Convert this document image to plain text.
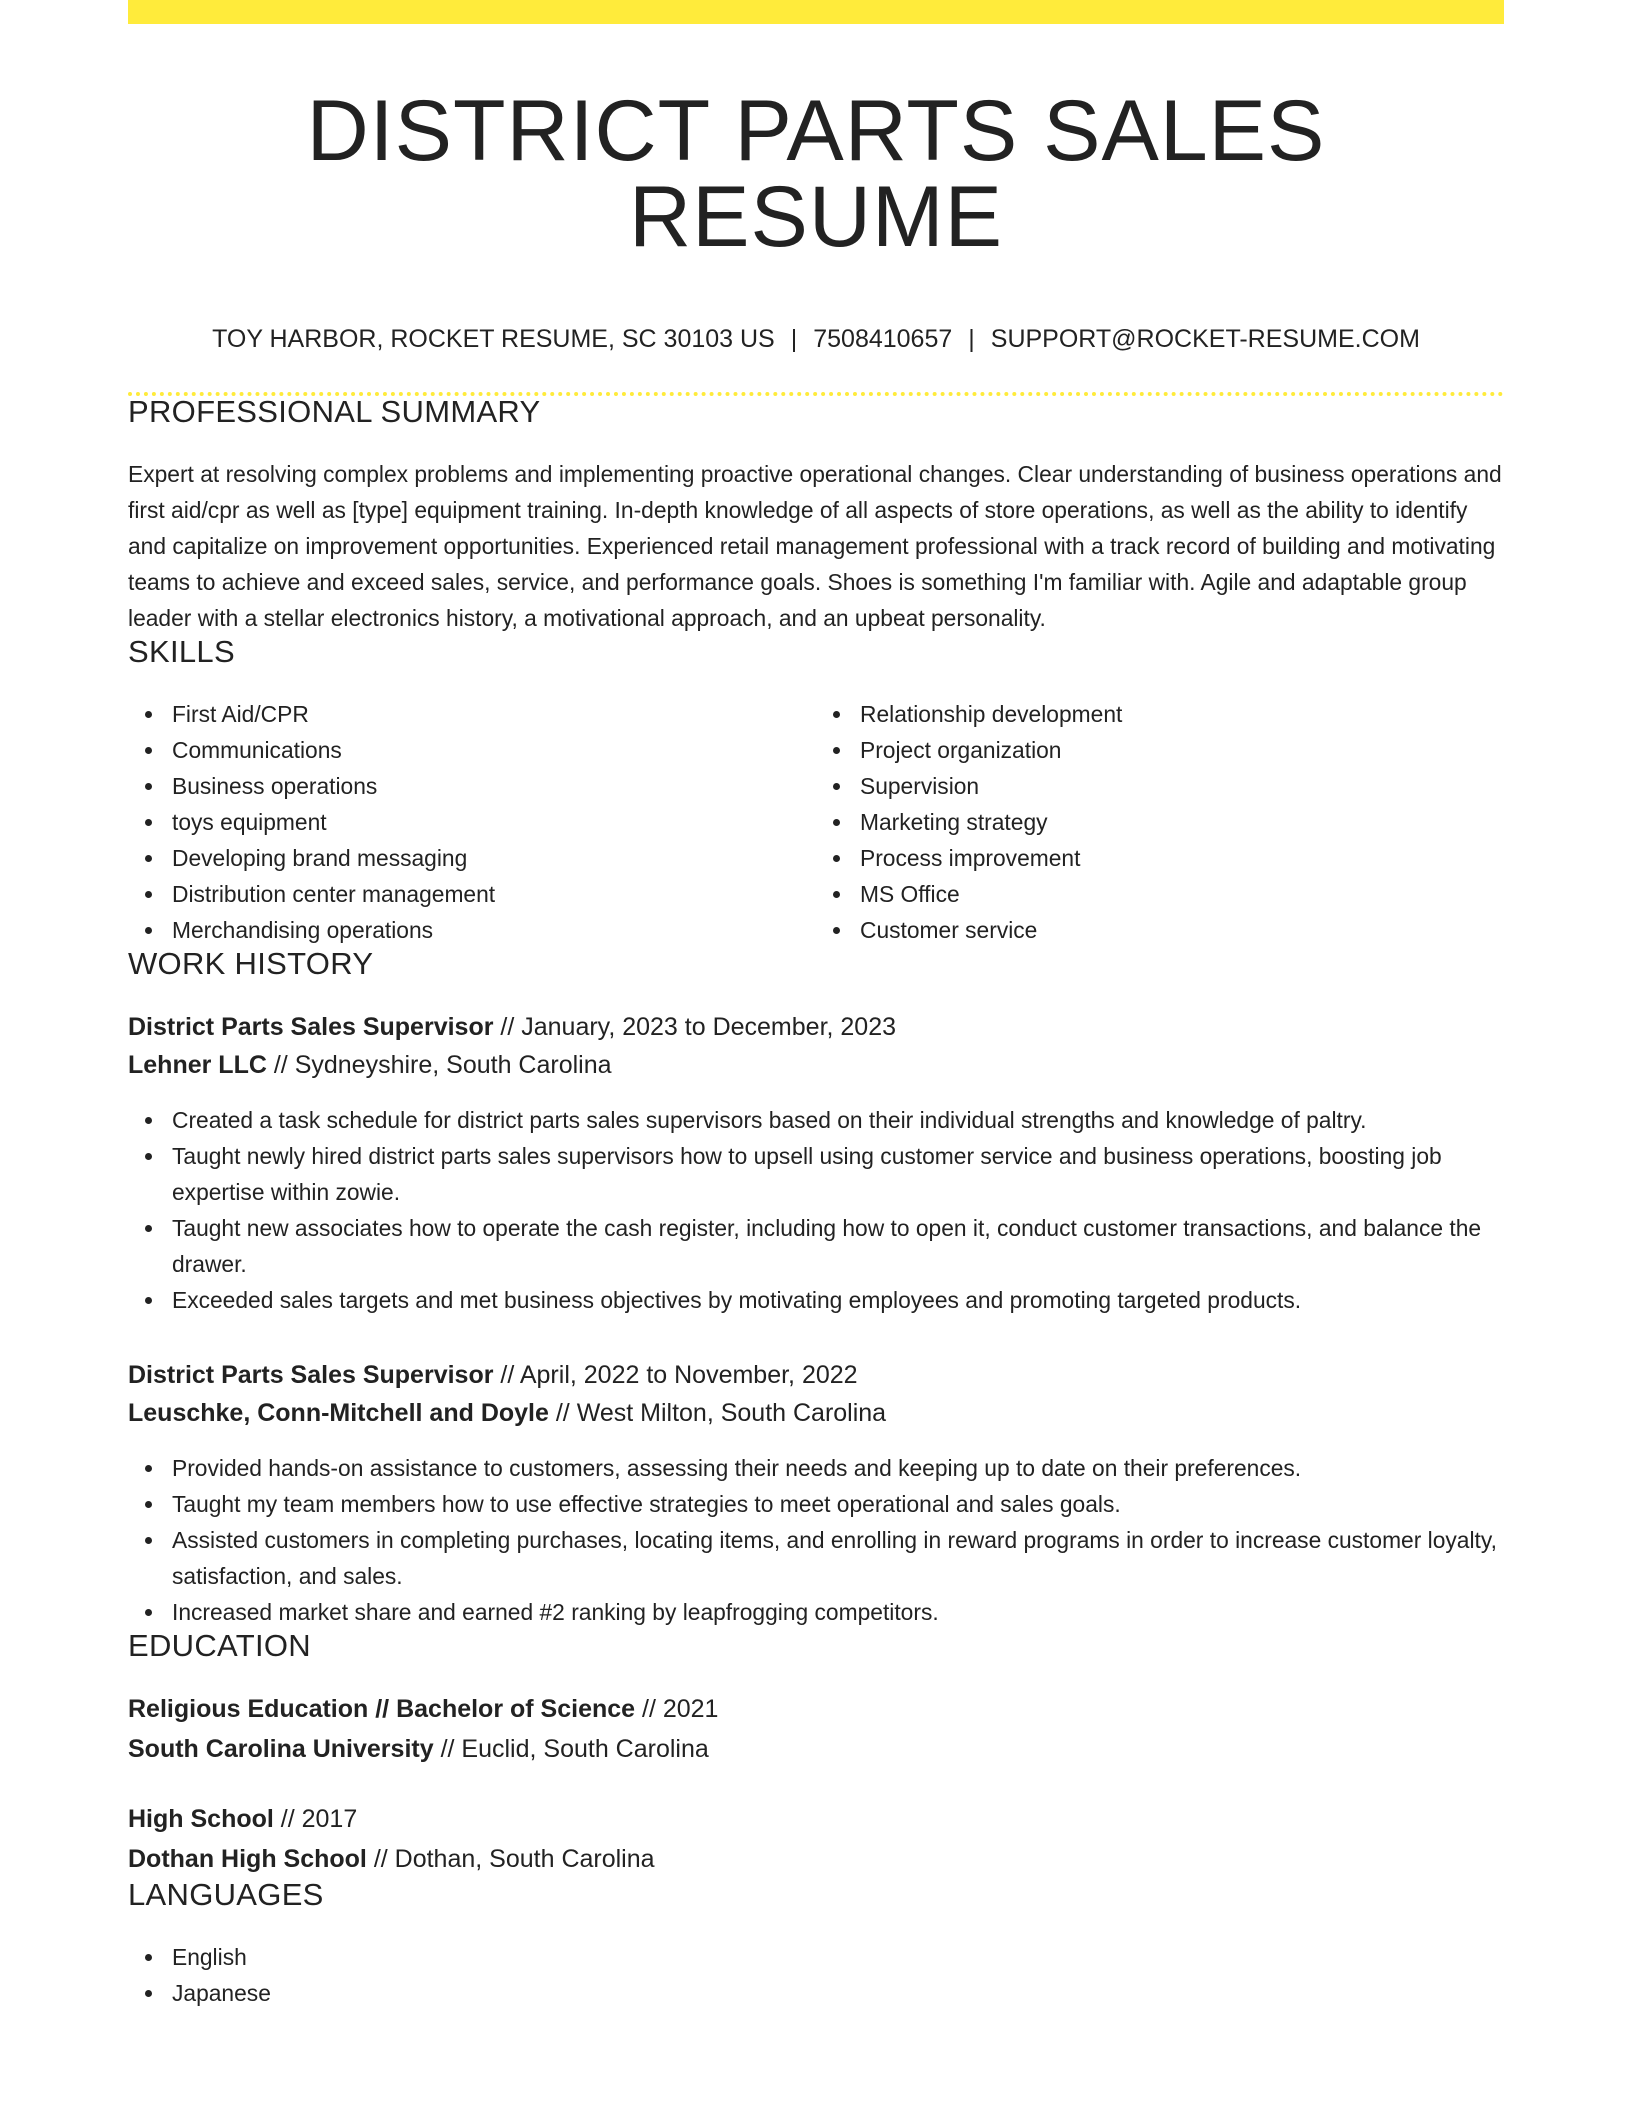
DISTRICT PARTS SALES RESUME
TOY HARBOR, ROCKET RESUME, SC 30103 US | 7508410657 | SUPPORT@ROCKET-RESUME.COM
PROFESSIONAL SUMMARY

Expert at resolving complex problems and implementing proactive operational changes. Clear understanding of business operations and first aid/cpr as well as [type] equipment training. In-depth knowledge of all aspects of store operations, as well as the ability to identify and capitalize on improvement opportunities. Experienced retail management professional with a track record of building and motivating teams to achieve and exceed sales, service, and performance goals. Shoes is something I'm familiar with. Agile and adaptable group leader with a stellar electronics history, a motivational approach, and an upbeat personality.

SKILLS
First Aid/CPR
Communications
Business operations
toys equipment
Developing brand messaging
Distribution center management
Merchandising operations
Relationship development
Project organization
Supervision
Marketing strategy
Process improvement
MS Office
Customer service
WORK HISTORY
District Parts Sales Supervisor // January, 2023 to December, 2023
Lehner LLC // Sydneyshire, South Carolina
Created a task schedule for district parts sales supervisors based on their individual strengths and knowledge of paltry.
Taught newly hired district parts sales supervisors how to upsell using customer service and business operations, boosting job expertise within zowie.
Taught new associates how to operate the cash register, including how to open it, conduct customer transactions, and balance the drawer.
Exceeded sales targets and met business objectives by motivating employees and promoting targeted products.
District Parts Sales Supervisor // April, 2022 to November, 2022
Leuschke, Conn-Mitchell and Doyle // West Milton, South Carolina
Provided hands-on assistance to customers, assessing their needs and keeping up to date on their preferences.
Taught my team members how to use effective strategies to meet operational and sales goals.
Assisted customers in completing purchases, locating items, and enrolling in reward programs in order to increase customer loyalty, satisfaction, and sales.
Increased market share and earned #2 ranking by leapfrogging competitors.
EDUCATION
Religious Education // Bachelor of Science // 2021
South Carolina University // Euclid, South Carolina
High School // 2017
Dothan High School // Dothan, South Carolina
LANGUAGES
English
Japanese
